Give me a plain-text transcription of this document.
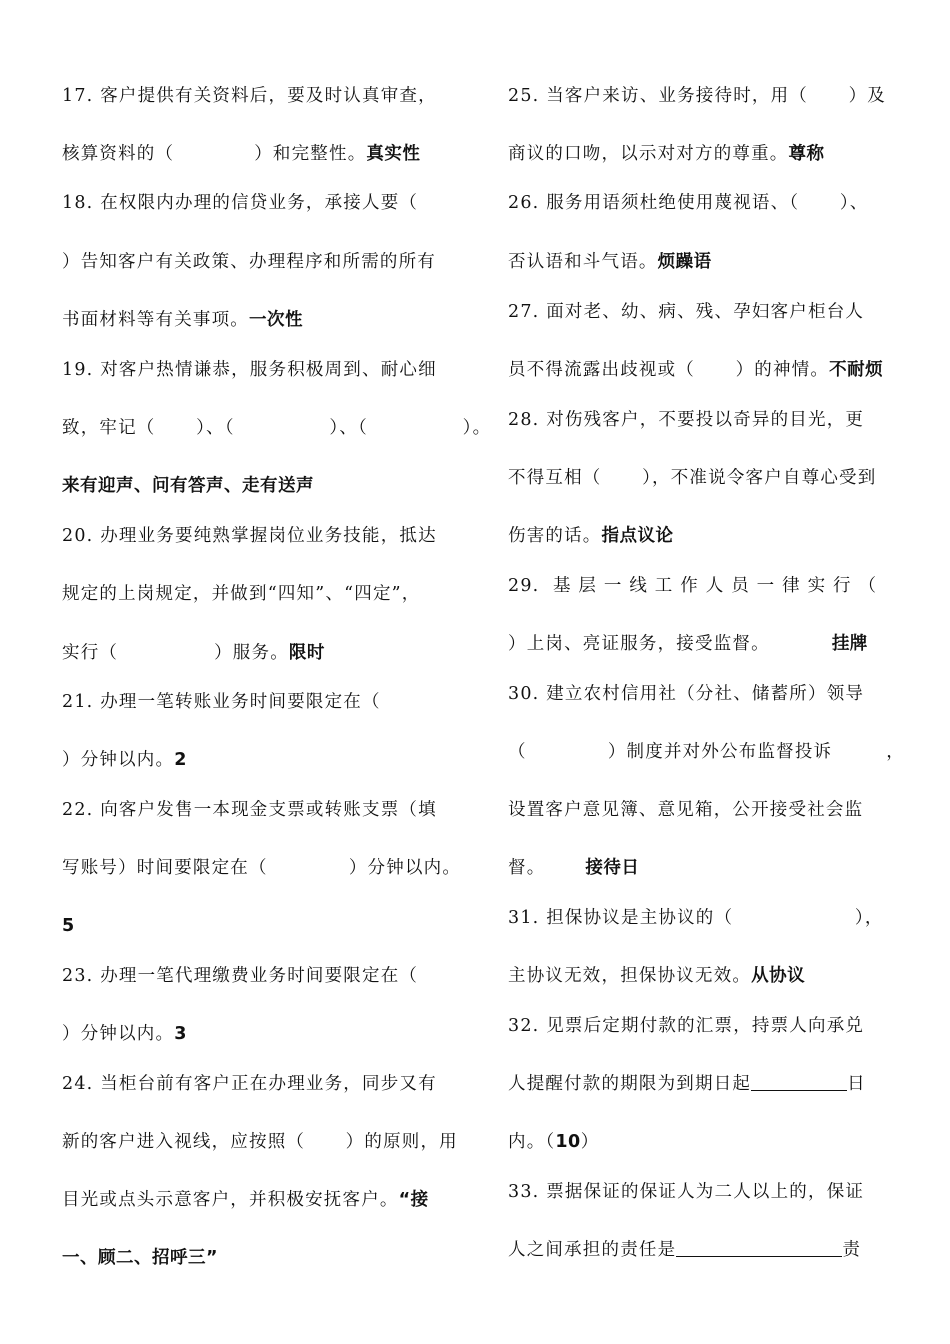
17. 客户提供有关资料后，要及时认真审查，
核算资料的（	）和完整性。真实性
18. 在权限内办理的信贷业务，承接人要（
）告知客户有关政策、办理程序和所需的所有
书面材料等有关事项。一次性
19. 对客户热情谦恭，服务积极周到、耐心细
致，牢记（      ）、（              ）、（              ）。
来有迎声、问有答声、走有送声
20. 办理业务要纯熟掌握岗位业务技能，抵达
规定的上岗规定，并做到“四知”、“四定”，
实行（	）服务。限时
21. 办理一笔转账业务时间要限定在（
）分钟以内。2
22. 向客户发售一本现金支票或转账支票（填
写账号）时间要限定在（            ）分钟以内。
5
23. 办理一笔代理缴费业务时间要限定在（
）分钟以内。3
24. 当柜台前有客户正在办理业务，同步又有
新的客户进入视线，应按照（      ）的原则，用
目光或点头示意客户，并积极安抚客户。“接
一、顾二、招呼三”
25. 当客户来访、业务接待时，用（      ）及
商议的口吻，以示对对方的尊重。尊称
26. 服务用语须杜绝使用蔑视语、（      ）、
否认语和斗气语。烦躁语
27. 面对老、幼、病、残、孕妇客户柜台人
员不得流露出歧视或（      ）的神情。不耐烦
28. 对伤残客户，不要投以奇异的目光，更
不得互相（      ），不准说令客户自尊心受到
伤害的话。指点议论
29.  基 层 一 线 工 作 人 员 一 律 实 行 （
）上岗、亮证服务，接受监督。	挂牌
30. 建立农村信用社（分社、储蓄所）领导
（            ）制度并对外公布监督投诉	，
设置客户意见簿、意见箱，公开接受社会监
督。 接待日
31. 担保协议是主协议的（                  ），
主协议无效，担保协议无效。从协议
32. 见票后定期付款的汇票，持票人向承兑
人提醒付款的期限为到期日起	日
内。（10）
33. 票据保证的保证人为二人以上的，保证
人之间承担的责任是	责
